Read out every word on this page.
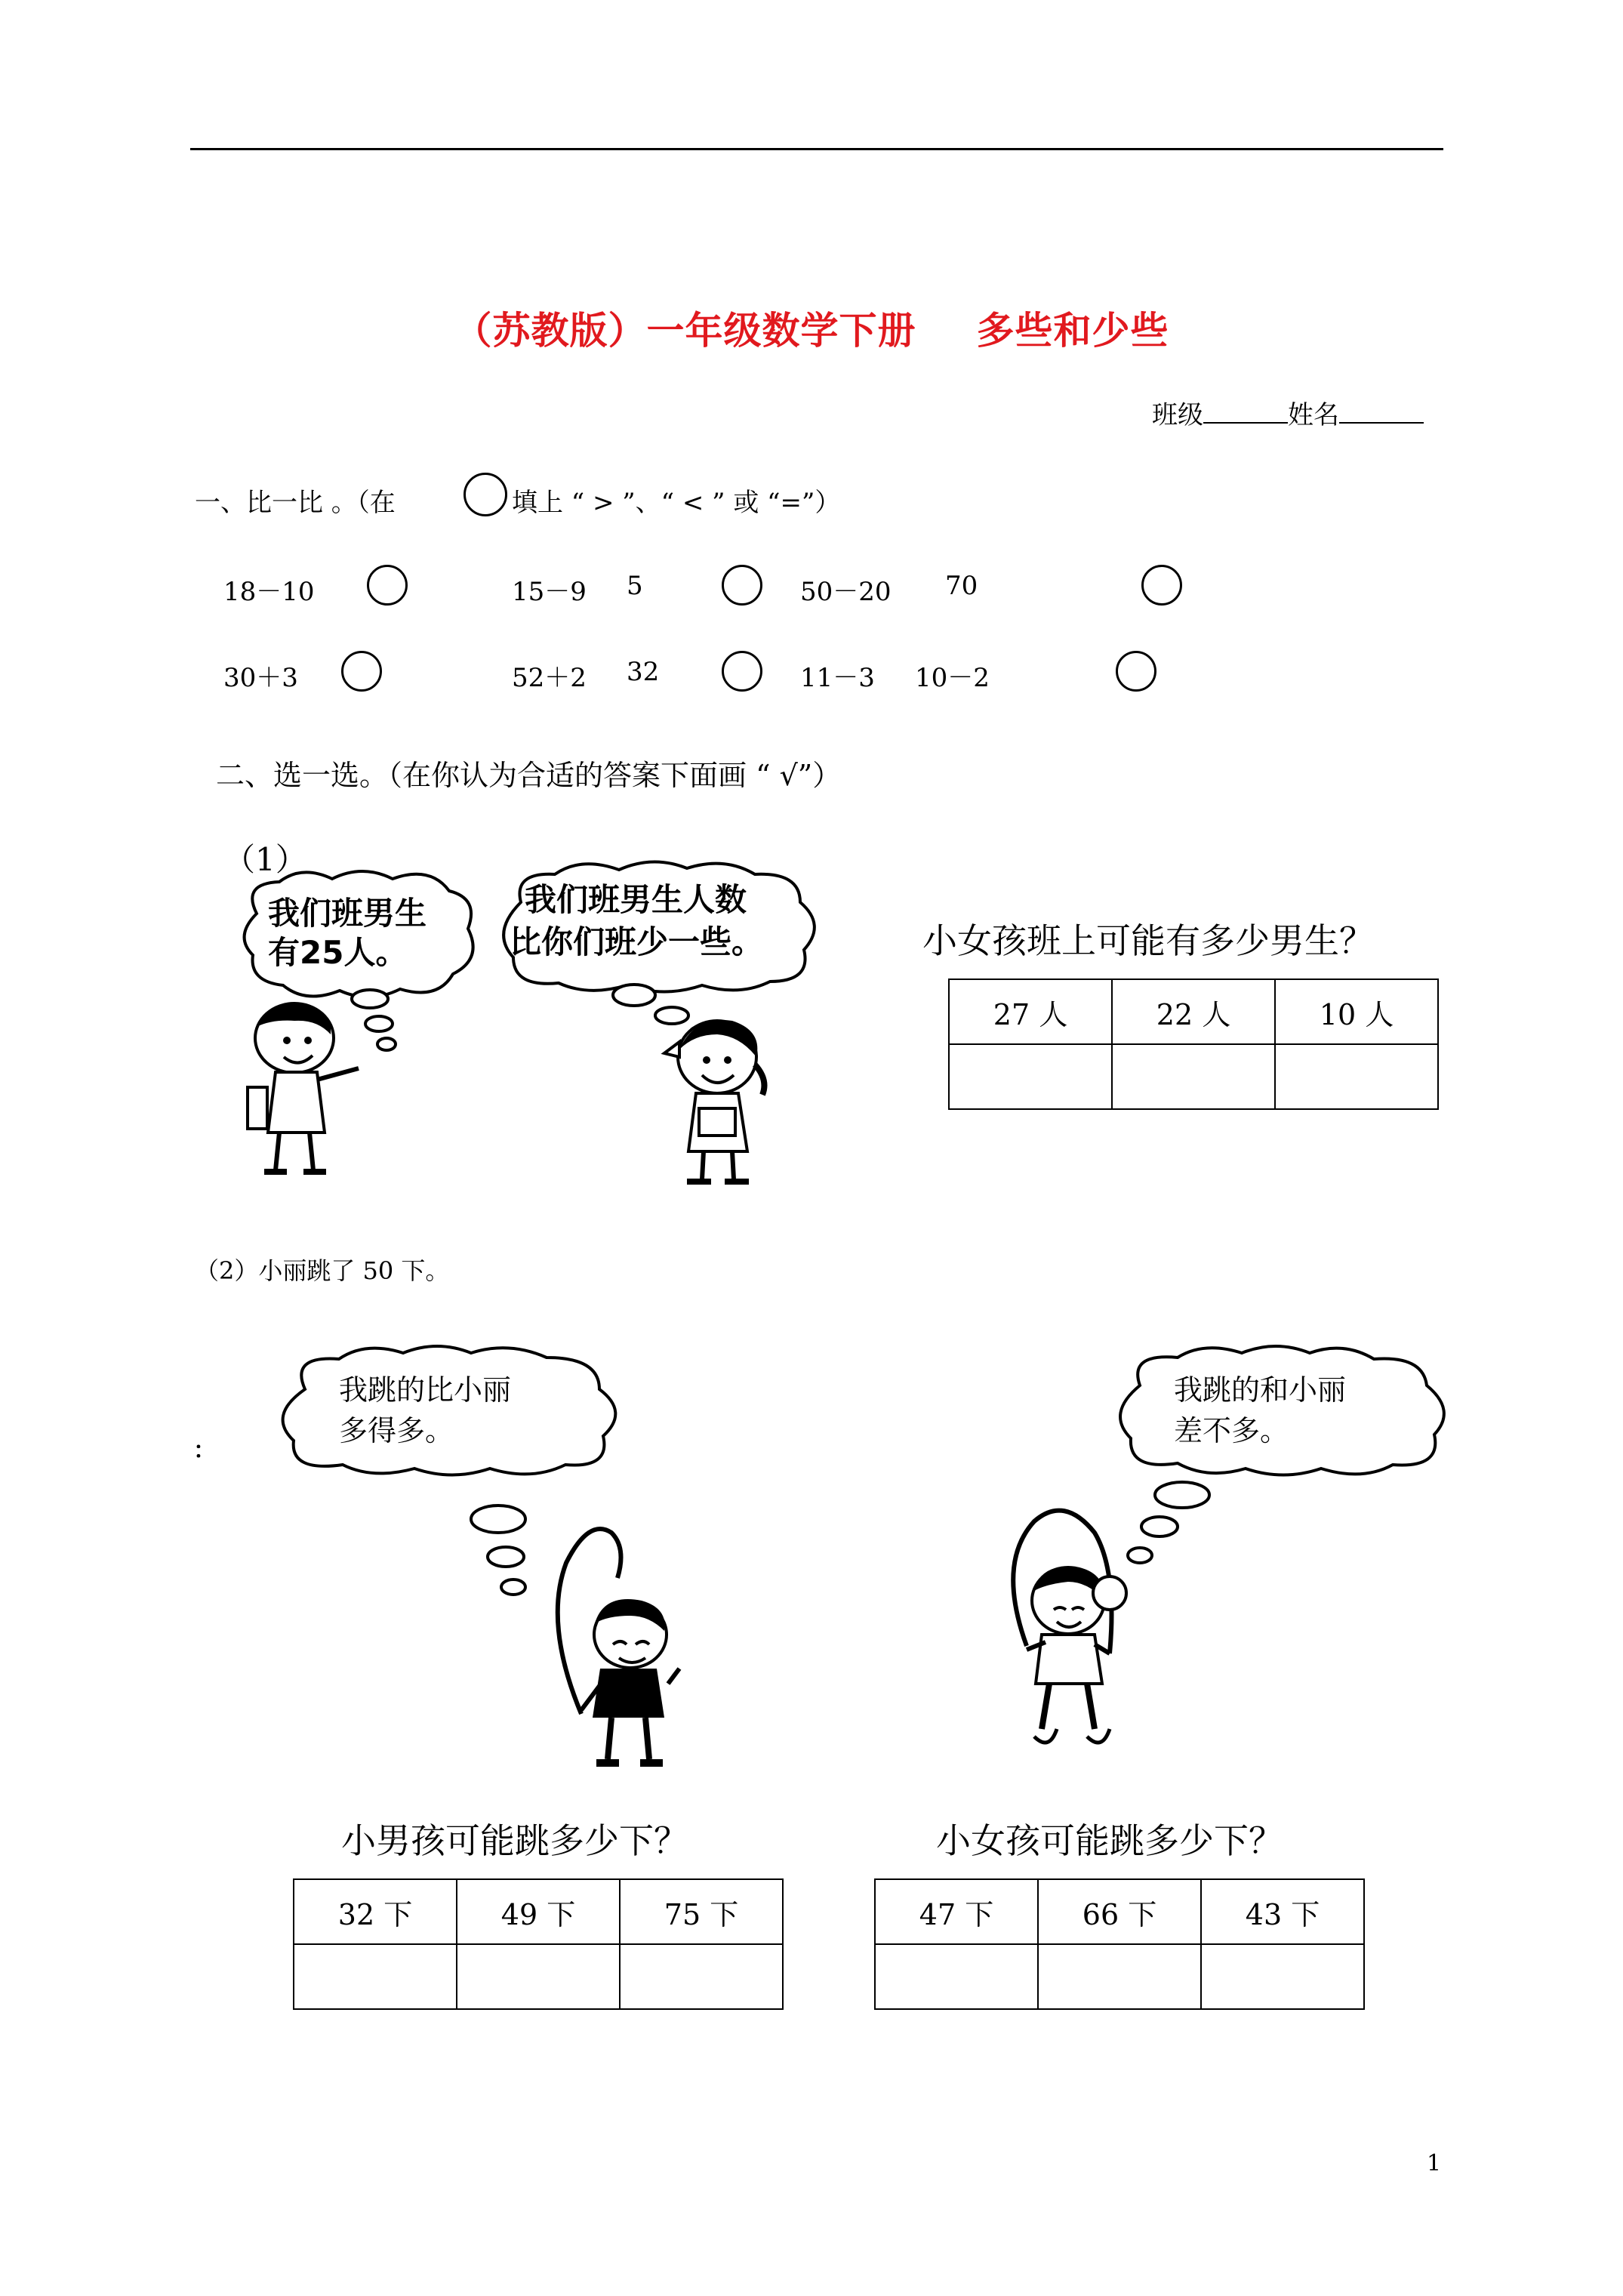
（苏教版）一年级数学下册 多些和少些
班级	姓名
一、比一比 。（在	填上 “ > ”、“ < ” 或 “=”）
18－10	15－9 5	50－20 70
30＋3	52＋2 32	11－3 10－2
二、选一选。（在你认为合适的答案下面画 “ √”）
（1）
我们班男生
有25人。
我们班男生人数
比你们班少一些。	小女孩班上可能有多少男生？
27 人	22 人	10 人

（2）小丽跳了 50 下。
：
我跳的比小丽
多得多。
我跳的和小丽
差不多。
小男孩可能跳多少下？	小女孩可能跳多少下？
32 下	49 下	75 下
			47 下	66 下	43 下

1
